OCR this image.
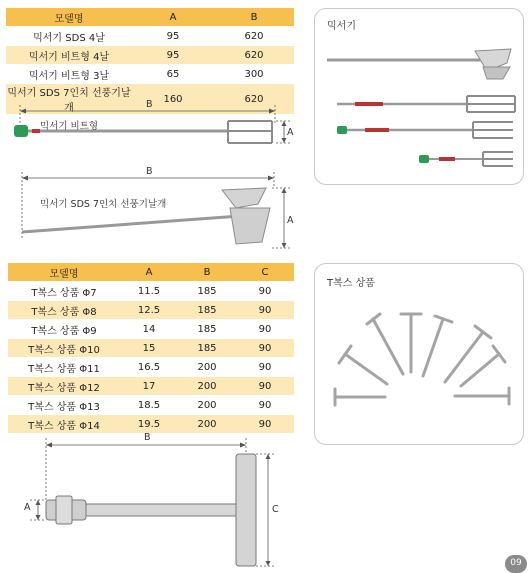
모델명	A	B
믹서기 SDS 4날	95	620
믹서기 비트형 4날	95	620
믹서기 비트형 3날	65	300
믹서기 SDS 7인치 선풍기날개	160	620
믹서기
B
믹서기 비트형
A
B
믹서기 SDS 7인치 선풍기날개
A
모델명	A	B	C
T복스 상품 Φ7	11.5	185	90
T복스 상품 Φ8	12.5	185	90
T복스 상품 Φ9	14	185	90
T복스 상품 Φ10	15	185	90
T복스 상품 Φ11	16.5	200	90
T복스 상품 Φ12	17	200	90
T복스 상품 Φ13	18.5	200	90
T복스 상품 Φ14	19.5	200	90
T복스 상품
B
A	C
09
